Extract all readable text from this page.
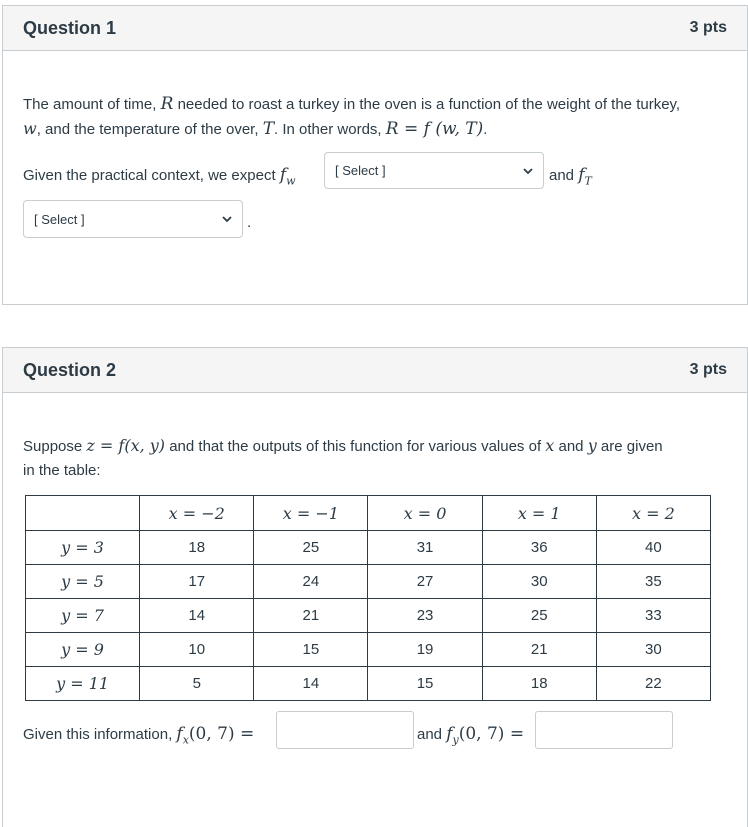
Question 1	3 pts
The amount of time, R needed to roast a turkey in the oven is a function of the weight of the turkey,
w, and the temperature of the over, T. In other words, R = f (w, T).
Given the practical context, we expect $f_w$
[ Select ]	and $f_T$
[ Select ]	.
Question 2	3 pts
Suppose z = f(x, y) and that the outputs of this function for various values of x and y are given
in the table:
	x = −2	x = −1	x = 0	x = 1	x = 2
y = 3	18	25	31	36	40
y = 5	17	24	27	30	35
y = 7	14	21	23	25	33
y = 9	10	15	19	21	30
y = 11	5	14	15	18	22
Given this information, $f_x(0$, 7) =	and $f_y(0$, 7) =
